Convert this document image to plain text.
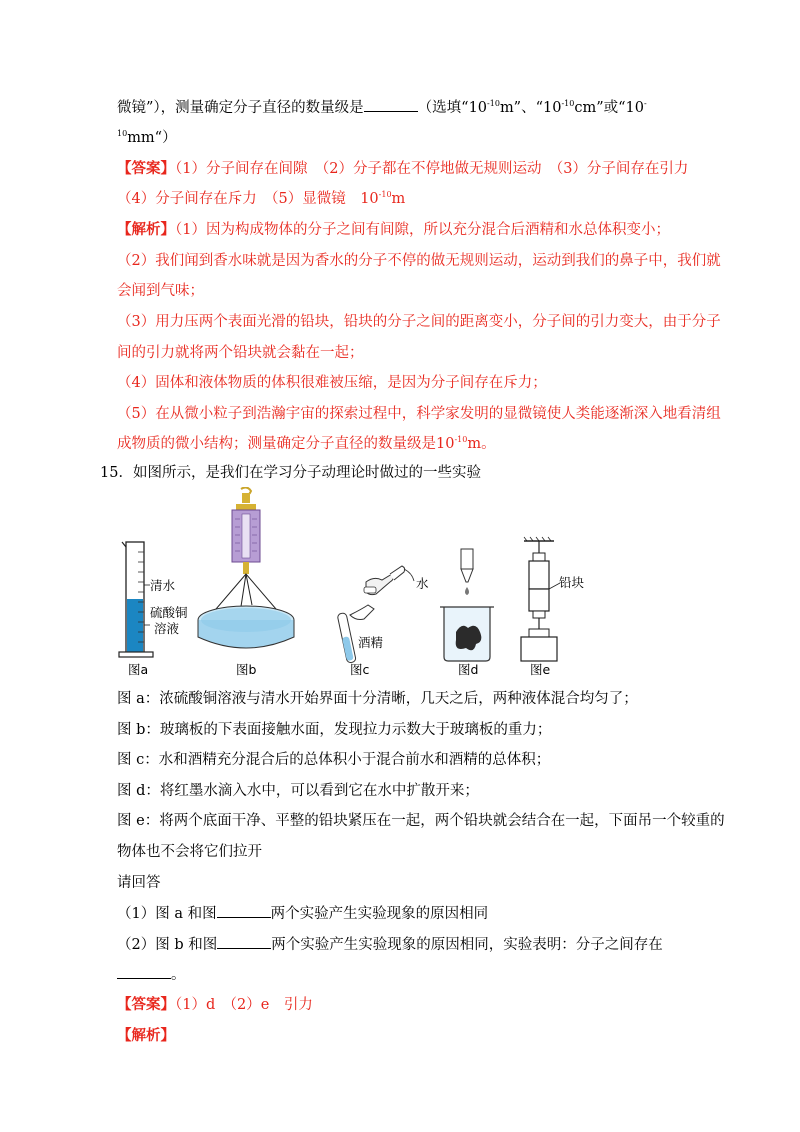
微镜”），测量确定分子直径的数量级是	（选填“$10^{-10}m$”、“$10^{-10}cm$”或“10-
$^{10}$mm“）
【答案】（1）分子间存在间隙　（2）分子都在不停地做无规则运动　（3）分子间存在引力
（4）分子间存在斥力　（5）显微镜　$10^{-10}m$
【解析】（1）因为构成物体的分子之间有间隙，所以充分混合后酒精和水总体积变小；
（2）我们闻到香水味就是因为香水的分子不停的做无规则运动，运动到我们的鼻子中，我们就
会闻到气味；
（3）用力压两个表面光滑的铅块，铅块的分子之间的距离变小，分子间的引力变大，由于分子
间的引力就将两个铅块就会黏在一起；
（4）固体和液体物质的体积很难被压缩，是因为分子间存在斥力；
（5）在从微小粒子到浩瀚宇宙的探索过程中，科学家发明的显微镜使人类能逐渐深入地看清组
成物质的微小结构；测量确定分子直径的数量级是$10^{-10}m$。
15．如图所示，是我们在学习分子动理论时做过的一些实验
清水
硫酸铜
溶液
水
酒精
铅块
图a	图b	图c	图d	图e
图 a：浓硫酸铜溶液与清水开始界面十分清晰，几天之后，两种液体混合均匀了；
图 b：玻璃板的下表面接触水面，发现拉力示数大于玻璃板的重力；
图 c：水和酒精充分混合后的总体积小于混合前水和酒精的总体积；
图 d：将红墨水滴入水中，可以看到它在水中扩散开来；
图 e：将两个底面干净、平整的铅块紧压在一起，两个铅块就会结合在一起，下面吊一个较重的
物体也不会将它们拉开
请回答
（1）图 a 和图	两个实验产生实验现象的原因相同
（2）图 b 和图	两个实验产生实验现象的原因相同，实验表明：分子之间存在
。
【答案】（1）d　（2）e　引力
【解析】
